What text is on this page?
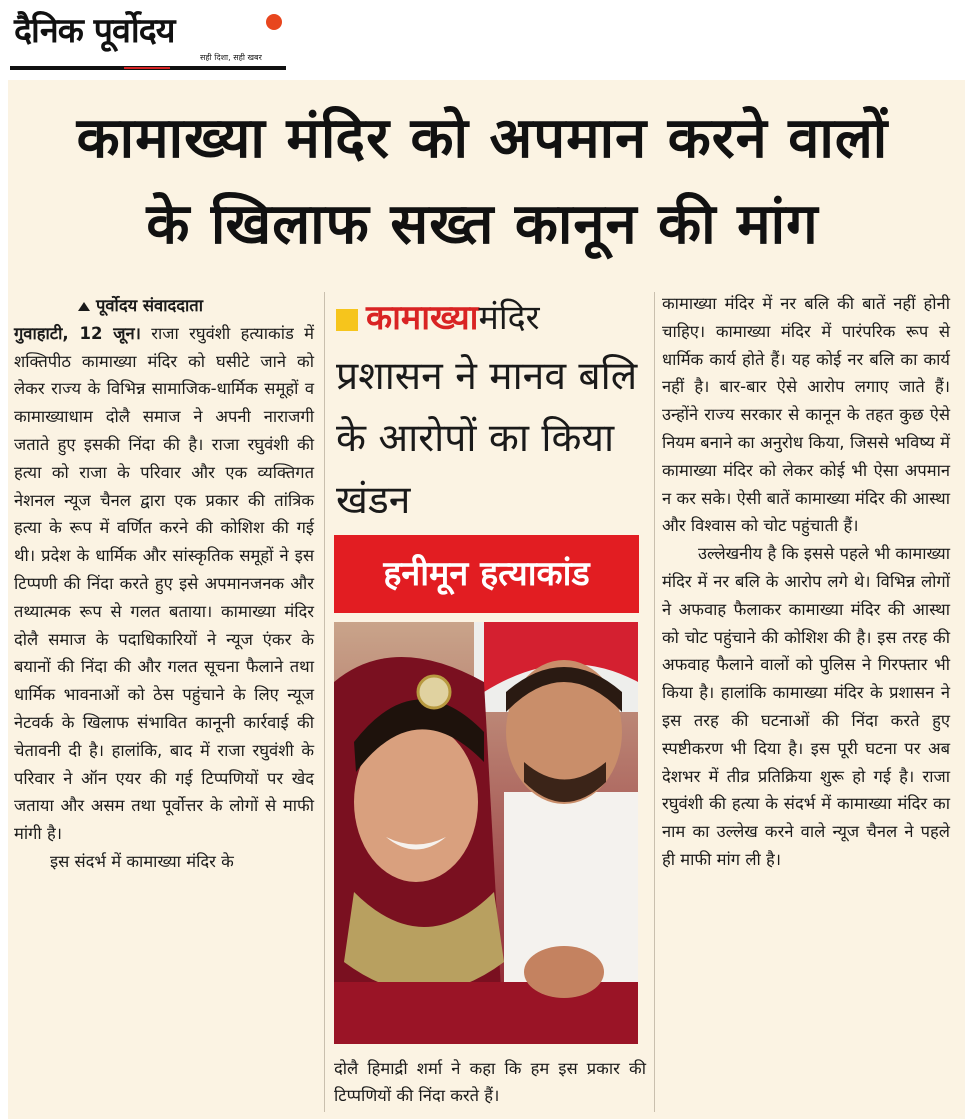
दैनिक पूर्वोदय
सही दिशा, सही खबर
कामाख्या मंदिर को अपमान करने वालों
के खिलाफ सख्त कानून की मांग

पूर्वोदय संवाददाता

गुवाहाटी, 12 जून। राजा रघुवंशी हत्याकांड में शक्तिपीठ कामाख्या मंदिर को घसीटे जाने को लेकर राज्य के विभिन्न सामाजिक-धार्मिक समूहों व कामाख्याधाम दोलै समाज ने अपनी नाराजगी जताते हुए इसकी निंदा की है। राजा रघुवंशी की हत्या को राजा के परिवार और एक व्यक्तिगत नेशनल न्यूज चैनल द्वारा एक प्रकार की तांत्रिक हत्या के रूप में वर्णित करने की कोशिश की गई थी। प्रदेश के धार्मिक और सांस्कृतिक समूहों ने इस टिप्पणी की निंदा करते हुए इसे अपमानजनक और तथ्यात्मक रूप से गलत बताया। कामाख्या मंदिर दोलै समाज के पदाधिकारियों ने न्यूज एंकर के बयानों की निंदा की और गलत सूचना फैलाने तथा धार्मिक भावनाओं को ठेस पहुंचाने के लिए न्यूज नेटवर्क के खिलाफ संभावित कानूनी कार्रवाई की चेतावनी दी है। हालांकि, बाद में राजा रघुवंशी के परिवार ने ऑन एयर की गई टिप्पणियों पर खेद जताया और असम तथा पूर्वोत्तर के लोगों से माफी मांगी है।

इस संदर्भ में कामाख्या मंदिर के

कामाख्यामंदिर
प्रशासन ने मानव बलि के आरोपों का किया खंडन
हनीमून हत्याकांड
दोलै हिमाद्री शर्मा ने कहा कि हम इस प्रकार की टिप्पणियों की निंदा करते हैं।

कामाख्या मंदिर में नर बलि की बातें नहीं होनी चाहिए। कामाख्या मंदिर में पारंपरिक रूप से धार्मिक कार्य होते हैं। यह कोई नर बलि का कार्य नहीं है। बार-बार ऐसे आरोप लगाए जाते हैं। उन्होंने राज्य सरकार से कानून के तहत कुछ ऐसे नियम बनाने का अनुरोध किया, जिससे भविष्य में कामाख्या मंदिर को लेकर कोई भी ऐसा अपमान न कर सके। ऐसी बातें कामाख्या मंदिर की आस्था और विश्वास को चोट पहुंचाती हैं।

उल्लेखनीय है कि इससे पहले भी कामाख्या मंदिर में नर बलि के आरोप लगे थे। विभिन्न लोगों ने अफवाह फैलाकर कामाख्या मंदिर की आस्था को चोट पहुंचाने की कोशिश की है। इस तरह की अफवाह फैलाने वालों को पुलिस ने गिरफ्तार भी किया है। हालांकि कामाख्या मंदिर के प्रशासन ने इस तरह की घटनाओं की निंदा करते हुए स्पष्टीकरण भी दिया है। इस पूरी घटना पर अब देशभर में तीव्र प्रतिक्रिया शुरू हो गई है। राजा रघुवंशी की हत्या के संदर्भ में कामाख्या मंदिर का नाम का उल्लेख करने वाले न्यूज चैनल ने पहले ही माफी मांग ली है।
